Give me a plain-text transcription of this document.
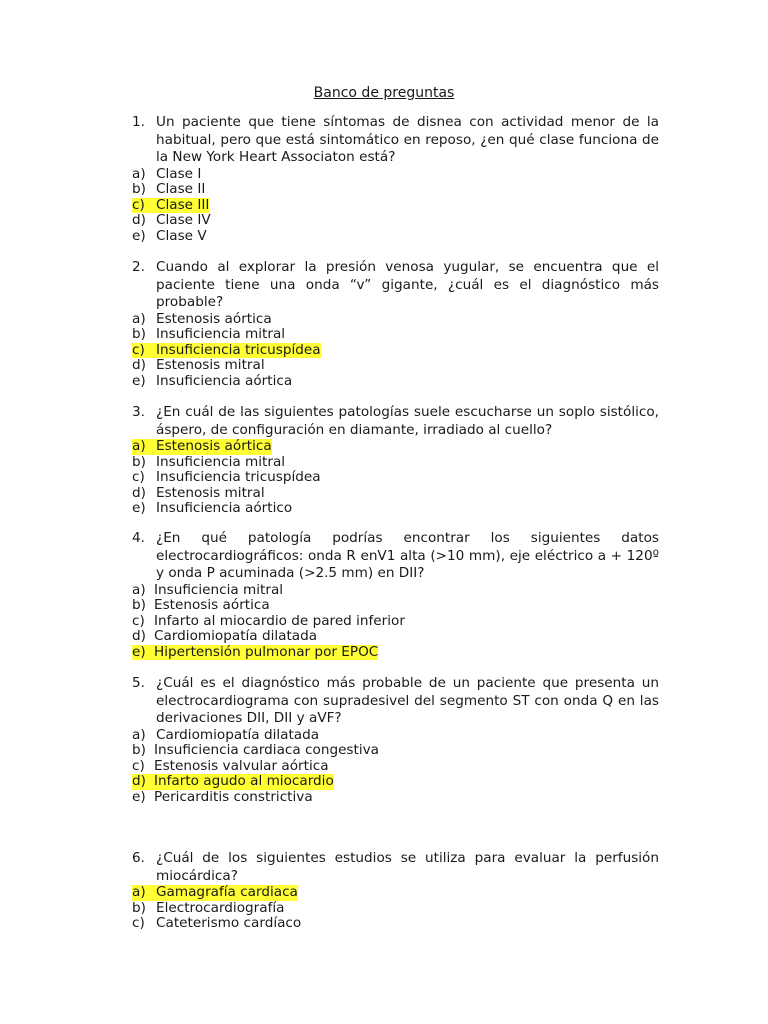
Banco de preguntas
1. Un paciente que tiene síntomas de disnea con actividad menor de la habitual, pero que está sintomático en reposo, ¿en qué clase funciona de la New York Heart Associaton está?
a) Clase I
b) Clase II
c) Clase III
d) Clase IV
e) Clase V
2. Cuando al explorar la presión venosa yugular, se encuentra que el paciente tiene una onda “v” gigante, ¿cuál es el diagnóstico más probable?
a) Estenosis aórtica
b) Insuficiencia mitral
c) Insuficiencia tricuspídea
d) Estenosis mitral
e) Insuficiencia aórtica
3. ¿En cuál de las siguientes patologías suele escucharse un soplo sistólico, áspero, de configuración en diamante, irradiado al cuello?
a) Estenosis aórtica
b) Insuficiencia mitral
c) Insuficiencia tricuspídea
d) Estenosis mitral
e) Insuficiencia aórtico
4. ¿En qué patología podrías encontrar los siguientes datos electrocardiográficos: onda R enV1 alta (>10 mm), eje eléctrico a + 120º y onda P acuminada (>2.5 mm) en DII?
a) Insuficiencia mitral
b) Estenosis aórtica
c) Infarto al miocardio de pared inferior
d) Cardiomiopatía dilatada
e) Hipertensión pulmonar por EPOC
5. ¿Cuál es el diagnóstico más probable de un paciente que presenta un electrocardiograma con supradesivel del segmento ST con onda Q en las derivaciones DII, DII y aVF?
a) Cardiomiopatía dilatada
b) Insuficiencia cardiaca congestiva
c) Estenosis valvular aórtica
d) Infarto agudo al miocardio
e) Pericarditis constrictiva
6. ¿Cuál de los siguientes estudios se utiliza para evaluar la perfusión miocárdica?
a) Gamagrafía cardiaca
b) Electrocardiografía
c) Cateterismo cardíaco
